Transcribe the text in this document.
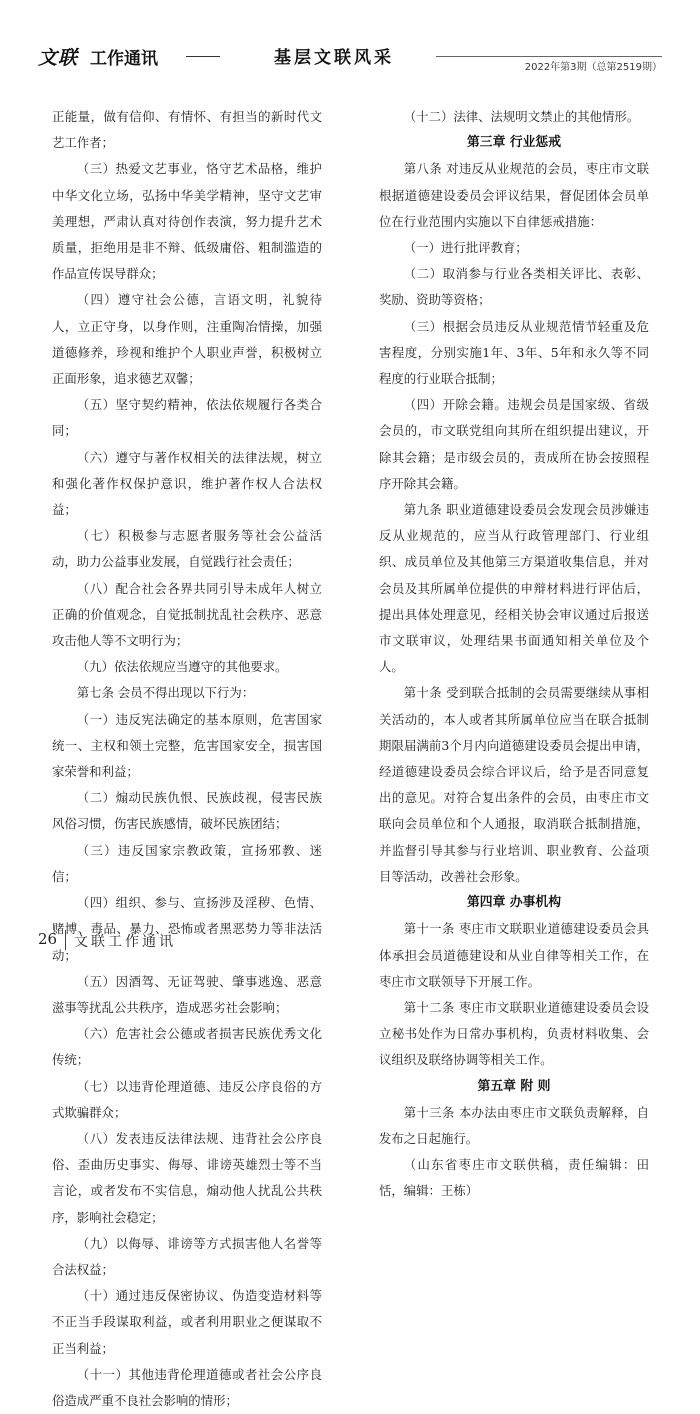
文联 工作通讯	基层文联风采	2022年第3期（总第2519期）

正能量，做有信仰、有情怀、有担当的新时代文艺工作者；

（三）热爱文艺事业，恪守艺术品格，维护中华文化立场，弘扬中华美学精神，坚守文艺审美理想，严肃认真对待创作表演，努力提升艺术质量，拒绝用是非不辩、低级庸俗、粗制滥造的作品宣传误导群众；

（四）遵守社会公德，言语文明，礼貌待人，立正守身，以身作则，注重陶冶情操，加强道德修养，珍视和维护个人职业声誉，积极树立正面形象，追求德艺双馨；

（五）坚守契约精神，依法依规履行各类合同；

（六）遵守与著作权相关的法律法规，树立和强化著作权保护意识，维护著作权人合法权益；

（七）积极参与志愿者服务等社会公益活动，助力公益事业发展，自觉践行社会责任；

（八）配合社会各界共同引导未成年人树立正确的价值观念，自觉抵制扰乱社会秩序、恶意攻击他人等不文明行为；

（九）依法依规应当遵守的其他要求。

第七条 会员不得出现以下行为：

（一）违反宪法确定的基本原则，危害国家统一、主权和领土完整，危害国家安全，损害国家荣誉和利益；

（二）煽动民族仇恨、民族歧视，侵害民族风俗习惯，伤害民族感情，破坏民族团结；

（三）违反国家宗教政策，宣扬邪教、迷信；

（四）组织、参与、宣扬涉及淫秽、色情、赌博、毒品、暴力、恐怖或者黑恶势力等非法活动；

（五）因酒驾、无证驾驶、肇事逃逸、恶意滋事等扰乱公共秩序，造成恶劣社会影响；

（六）危害社会公德或者损害民族优秀文化传统；

（七）以违背伦理道德、违反公序良俗的方式欺骗群众；

（八）发表违反法律法规、违背社会公序良俗、歪曲历史事实、侮辱、诽谤英雄烈士等不当言论，或者发布不实信息，煽动他人扰乱公共秩序，影响社会稳定；

（九）以侮辱、诽谤等方式损害他人名誉等合法权益；

（十）通过违反保密协议、伪造变造材料等不正当手段谋取利益，或者利用职业之便谋取不正当利益；

（十一）其他违背伦理道德或者社会公序良俗造成严重不良社会影响的情形；

（十二）法律、法规明文禁止的其他情形。

第三章 行业惩戒

第八条 对违反从业规范的会员，枣庄市文联根据道德建设委员会评议结果，督促团体会员单位在行业范围内实施以下自律惩戒措施：

（一）进行批评教育；

（二）取消参与行业各类相关评比、表彰、奖励、资助等资格；

（三）根据会员违反从业规范情节轻重及危害程度，分别实施1年、3年、5年和永久等不同程度的行业联合抵制；

（四）开除会籍。违规会员是国家级、省级会员的，市文联党组向其所在组织提出建议，开除其会籍；是市级会员的，责成所在协会按照程序开除其会籍。

第九条 职业道德建设委员会发现会员涉嫌违反从业规范的，应当从行政管理部门、行业组织、成员单位及其他第三方渠道收集信息，并对会员及其所属单位提供的申辩材料进行评估后，提出具体处理意见，经相关协会审议通过后报送市文联审议，处理结果书面通知相关单位及个人。

第十条 受到联合抵制的会员需要继续从事相关活动的，本人或者其所属单位应当在联合抵制期限届满前3个月内向道德建设委员会提出申请，经道德建设委员会综合评议后，给予是否同意复出的意见。对符合复出条件的会员，由枣庄市文联向会员单位和个人通报，取消联合抵制措施，并监督引导其参与行业培训、职业教育、公益项目等活动，改善社会形象。

第四章 办事机构

第十一条 枣庄市文联职业道德建设委员会具体承担会员道德建设和从业自律等相关工作，在枣庄市文联领导下开展工作。

第十二条 枣庄市文联职业道德建设委员会设立秘书处作为日常办事机构，负责材料收集、会议组织及联络协调等相关工作。

第五章 附 则

第十三条 本办法由枣庄市文联负责解释，自发布之日起施行。

（山东省枣庄市文联供稿，责任编辑：田恬，编辑：王栋）

26 文联工作通讯
